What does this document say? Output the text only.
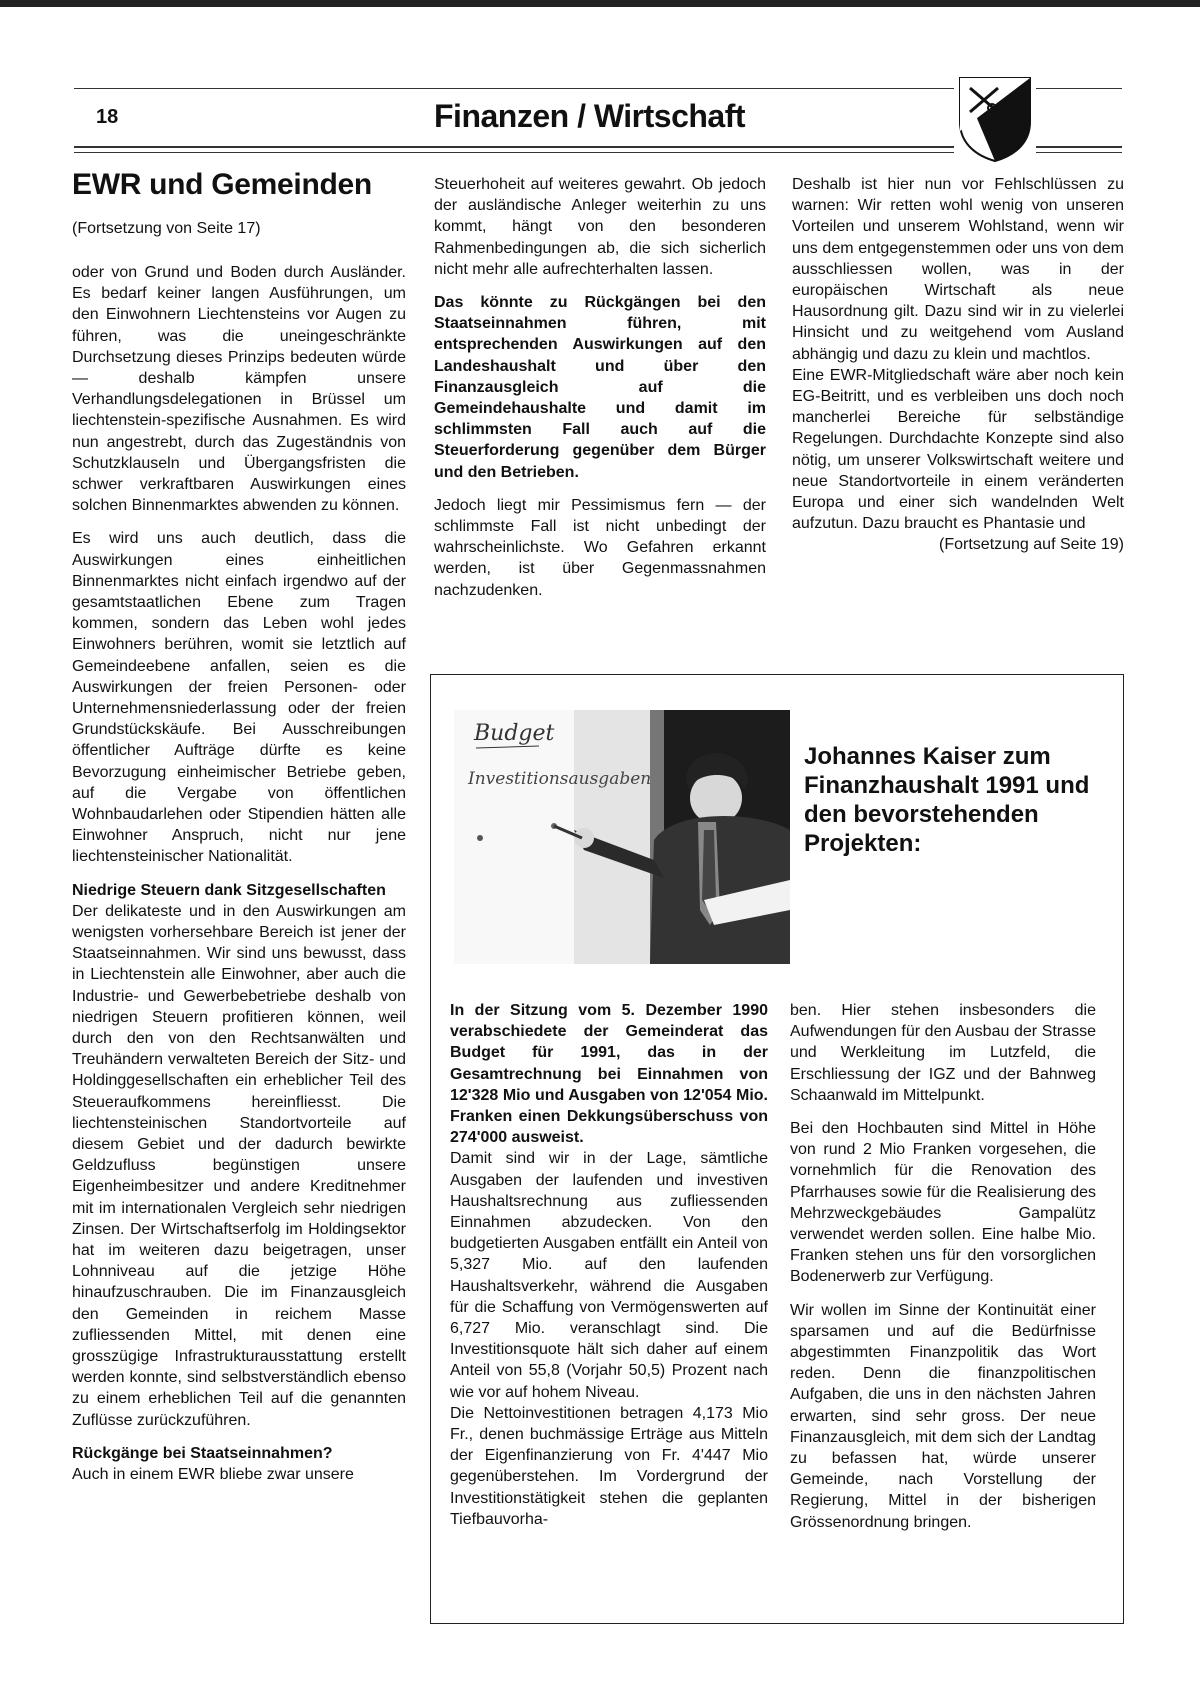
18	Finanzen / Wirtschaft
EWR und Gemeinden
(Fortsetzung von Seite 17)

oder von Grund und Boden durch Ausländer. Es bedarf keiner langen Ausführungen, um den Einwohnern Liechtensteins vor Augen zu führen, was die uneingeschränkte Durchsetzung dieses Prinzips bedeuten würde — deshalb kämpfen unsere Verhandlungsdelegationen in Brüssel um liechtenstein-spezifische Ausnahmen. Es wird nun angestrebt, durch das Zugeständnis von Schutzklauseln und Übergangsfristen die schwer verkraftbaren Auswirkungen eines solchen Binnenmarktes abwenden zu können.

Es wird uns auch deutlich, dass die Auswirkungen eines einheitlichen Binnenmarktes nicht einfach irgendwo auf der gesamtstaatlichen Ebene zum Tragen kommen, sondern das Leben wohl jedes Einwohners berühren, womit sie letztlich auf Gemeindeebene anfallen, seien es die Auswirkungen der freien Personen- oder Unternehmensniederlassung oder der freien Grundstückskäufe. Bei Ausschreibungen öffentlicher Aufträge dürfte es keine Bevorzugung einheimischer Betriebe geben, auf die Vergabe von öffentlichen Wohnbaudarlehen oder Stipendien hätten alle Einwohner Anspruch, nicht nur jene liechtensteinischer Nationalität.

Niedrige Steuern dank Sitzgesellschaften

Der delikateste und in den Auswirkungen am wenigsten vorhersehbare Bereich ist jener der Staatseinnahmen. Wir sind uns bewusst, dass in Liechtenstein alle Einwohner, aber auch die Industrie- und Gewerbebetriebe deshalb von niedrigen Steuern profitieren können, weil durch den von den Rechtsanwälten und Treuhändern verwalteten Bereich der Sitz- und Holdinggesellschaften ein erheblicher Teil des Steueraufkommens hereinfliesst. Die liechtensteinischen Standortvorteile auf diesem Gebiet und der dadurch bewirkte Geldzufluss begünstigen unsere Eigenheimbesitzer und andere Kreditnehmer mit im internationalen Vergleich sehr niedrigen Zinsen. Der Wirtschaftserfolg im Holdingsektor hat im weiteren dazu beigetragen, unser Lohnniveau auf die jetzige Höhe hinaufzuschrauben. Die im Finanzausgleich den Gemeinden in reichem Masse zufliessenden Mittel, mit denen eine grosszügige Infrastrukturausstattung erstellt werden konnte, sind selbstverständlich ebenso zu einem erheblichen Teil auf die genannten Zuflüsse zurückzuführen.

Rückgänge bei Staatseinnahmen?

Auch in einem EWR bliebe zwar unsere

Steuerhoheit auf weiteres gewahrt. Ob jedoch der ausländische Anleger weiterhin zu uns kommt, hängt von den besonderen Rahmenbedingungen ab, die sich sicherlich nicht mehr alle aufrechterhalten lassen.

Das könnte zu Rückgängen bei den Staatseinnahmen führen, mit entsprechenden Auswirkungen auf den Landeshaushalt und über den Finanzausgleich auf die Gemeindehaushalte und damit im schlimmsten Fall auch auf die Steuerforderung gegenüber dem Bürger und den Betrieben.

Jedoch liegt mir Pessimismus fern — der schlimmste Fall ist nicht unbedingt der wahrscheinlichste. Wo Gefahren erkannt werden, ist über Gegenmassnahmen nachzudenken.

Deshalb ist hier nun vor Fehlschlüssen zu warnen: Wir retten wohl wenig von unseren Vorteilen und unserem Wohlstand, wenn wir uns dem entgegenstemmen oder uns von dem ausschliessen wollen, was in der europäischen Wirtschaft als neue Hausordnung gilt. Dazu sind wir in zu vielerlei Hinsicht und zu weitgehend vom Ausland abhängig und dazu zu klein und machtlos.

Eine EWR-Mitgliedschaft wäre aber noch kein EG-Beitritt, und es verbleiben uns doch noch mancherlei Bereiche für selbständige Regelungen. Durchdachte Konzepte sind also nötig, um unserer Volkswirtschaft weitere und neue Standortvorteile in einem veränderten Europa und einer sich wandelnden Welt aufzutun. Dazu braucht es Phantasie und

(Fortsetzung auf Seite 19)
Budget
Investitionsausgaben
Johannes Kaiser zum Finanzhaushalt 1991 und den bevorstehenden Projekten:

In der Sitzung vom 5. Dezember 1990 verabschiedete der Gemeinderat das Budget für 1991, das in der Gesamtrechnung bei Einnahmen von 12'328 Mio und Ausgaben von 12'054 Mio. Franken einen Dekkungsüberschuss von 274'000 ausweist.

Damit sind wir in der Lage, sämtliche Ausgaben der laufenden und investiven Haushaltsrechnung aus zufliessenden Einnahmen abzudecken. Von den budgetierten Ausgaben entfällt ein Anteil von 5,327 Mio. auf den laufenden Haushaltsverkehr, während die Ausgaben für die Schaffung von Vermögenswerten auf 6,727 Mio. veranschlagt sind. Die Investitionsquote hält sich daher auf einem Anteil von 55,8 (Vorjahr 50,5) Prozent nach wie vor auf hohem Niveau.

Die Nettoinvestitionen betragen 4,173 Mio Fr., denen buchmässige Erträge aus Mitteln der Eigenfinanzierung von Fr. 4'447 Mio gegenüberstehen. Im Vordergrund der Investitionstätigkeit stehen die geplanten Tiefbauvorha-

ben. Hier stehen insbesonders die Aufwendungen für den Ausbau der Strasse und Werkleitung im Lutzfeld, die Erschliessung der IGZ und der Bahnweg Schaanwald im Mittelpunkt.

Bei den Hochbauten sind Mittel in Höhe von rund 2 Mio Franken vorgesehen, die vornehmlich für die Renovation des Pfarrhauses sowie für die Realisierung des Mehrzweckgebäudes Gampalütz verwendet werden sollen. Eine halbe Mio. Franken stehen uns für den vorsorglichen Bodenerwerb zur Verfügung.

Wir wollen im Sinne der Kontinuität einer sparsamen und auf die Bedürfnisse abgestimmten Finanzpolitik das Wort reden. Denn die finanzpolitischen Aufgaben, die uns in den nächsten Jahren erwarten, sind sehr gross. Der neue Finanzausgleich, mit dem sich der Landtag zu befassen hat, würde unserer Gemeinde, nach Vorstellung der Regierung, Mittel in der bisherigen Grössenordnung bringen.
